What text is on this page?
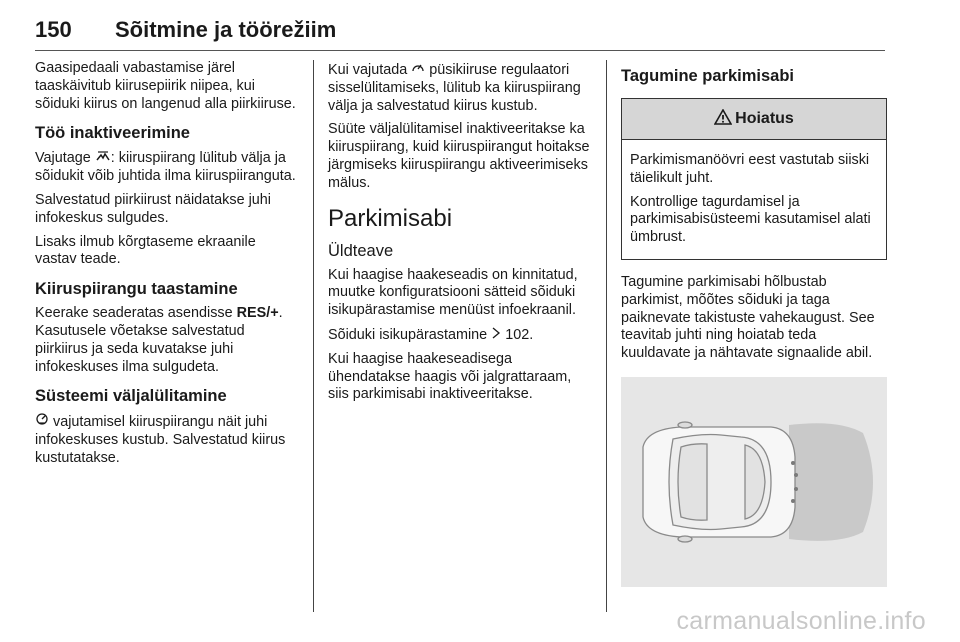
150 Sõitmine ja töörežiim

Gaasipedaali vabastamise järel taaskäivitub kiirusepiirik niipea, kui sõiduki kiirus on langenud alla piirkiiruse.

Töö inaktiveerimine

Vajutage : kiiruspiirang lülitub välja ja sõidukit võib juhtida ilma kiiruspiiranguta.

Salvestatud piirkiirust näidatakse juhi infokeskus sulgudes.

Lisaks ilmub kõrgtaseme ekraanile vastav teade.

Kiiruspiirangu taastamine

Keerake seaderatas asendisse RES/+. Kasutusele võetakse salvestatud piirkiirus ja seda kuvatakse juhi infokeskuses ilma sulgudeta.

Süsteemi väljalülitamine

vajutamisel kiiruspiirangu näit juhi infokeskuses kustub. Salvestatud kiirus kustutatakse.

Kui vajutada  püsikiiruse regulaatori sisselülitamiseks, lülitub ka kiiruspiirang välja ja salvestatud kiirus kustub.

Süüte väljalülitamisel inaktiveeritakse ka kiiruspiirang, kuid kiiruspiirangut hoitakse järgmiseks kiiruspiirangu aktiveerimiseks mälus.

Parkimisabi
Üldteave

Kui haagise haakeseadis on kinnitatud, muutke konfiguratsiooni sätteid sõiduki isikupärastamise menüüst infoekraanil.

Sõiduki isikupärastamine  102.

Kui haagise haakeseadisega ühendatakse haagis või jalgrattaraam, siis parkimisabi inaktiveeritakse.

Tagumine parkimisabi
Hoiatus

Parkimismanöövri eest vastutab siiski täielikult juht.

Kontrollige tagurdamisel ja parkimisabisüsteemi kasutamisel alati ümbrust.

Tagumine parkimisabi hõlbustab parkimist, mõõtes sõiduki ja taga paiknevate takistuste vahekaugust. See teavitab juhti ning hoiatab teda kuuldavate ja nähtavate signaalide abil.

carmanualsonline.info
